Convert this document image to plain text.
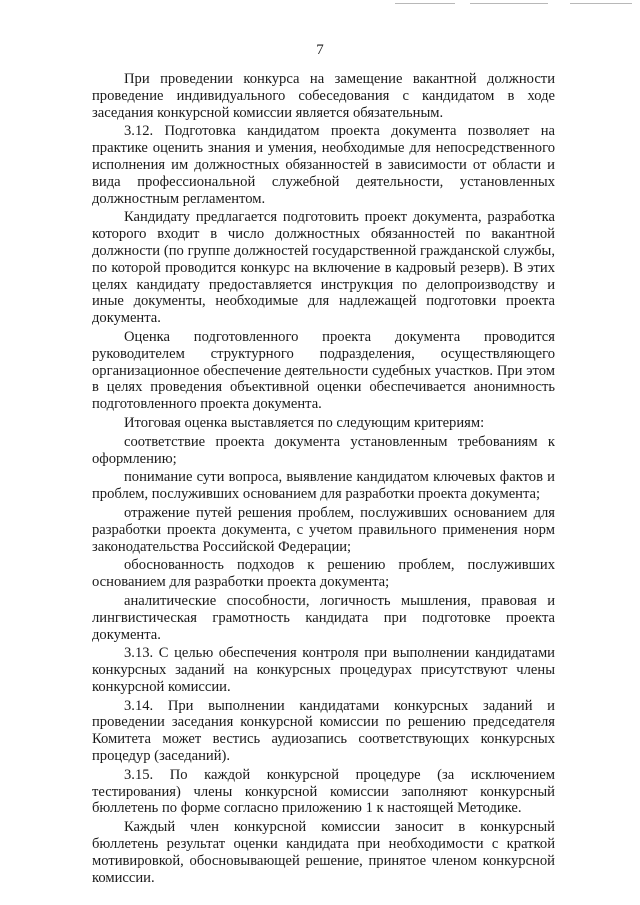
7

При проведении конкурса на замещение вакантной должности проведение индивидуального собеседования с кандидатом в ходе заседания конкурсной комиссии является обязательным.

3.12. Подготовка кандидатом проекта документа позволяет на практике оценить знания и умения, необходимые для непосредственного исполнения им должностных обязанностей в зависимости от области и вида профессиональной служебной деятельности, установленных должностным регламентом.

Кандидату предлагается подготовить проект документа, разработка которого входит в число должностных обязанностей по вакантной должности (по группе должностей государственной гражданской службы, по которой проводится конкурс на включение в кадровый резерв). В этих целях кандидату предоставляется инструкция по делопроизводству и иные документы, необходимые для надлежащей подготовки проекта документа.

Оценка подготовленного проекта документа проводится руководителем структурного подразделения, осуществляющего организационное обеспечение деятельности судебных участков. При этом в целях проведения объективной оценки обеспечивается анонимность подготовленного проекта документа.

Итоговая оценка выставляется по следующим критериям:

соответствие проекта документа установленным требованиям к оформлению;

понимание сути вопроса, выявление кандидатом ключевых фактов и проблем, послуживших основанием для разработки проекта документа;

отражение путей решения проблем, послуживших основанием для разработки проекта документа, с учетом правильного применения норм законодательства Российской Федерации;

обоснованность подходов к решению проблем, послуживших основанием для разработки проекта документа;

аналитические способности, логичность мышления, правовая и лингвистическая грамотность кандидата при подготовке проекта документа.

3.13. С целью обеспечения контроля при выполнении кандидатами конкурсных заданий на конкурсных процедурах присутствуют члены конкурсной комиссии.

3.14. При выполнении кандидатами конкурсных заданий и проведении заседания конкурсной комиссии по решению председателя Комитета может вестись аудиозапись соответствующих конкурсных процедур (заседаний).

3.15. По каждой конкурсной процедуре (за исключением тестирования) члены конкурсной комиссии заполняют конкурсный бюллетень по форме согласно приложению 1 к настоящей Методике.

Каждый член конкурсной комиссии заносит в конкурсный бюллетень результат оценки кандидата при необходимости с краткой мотивировкой, обосновывающей решение, принятое членом конкурсной комиссии.
